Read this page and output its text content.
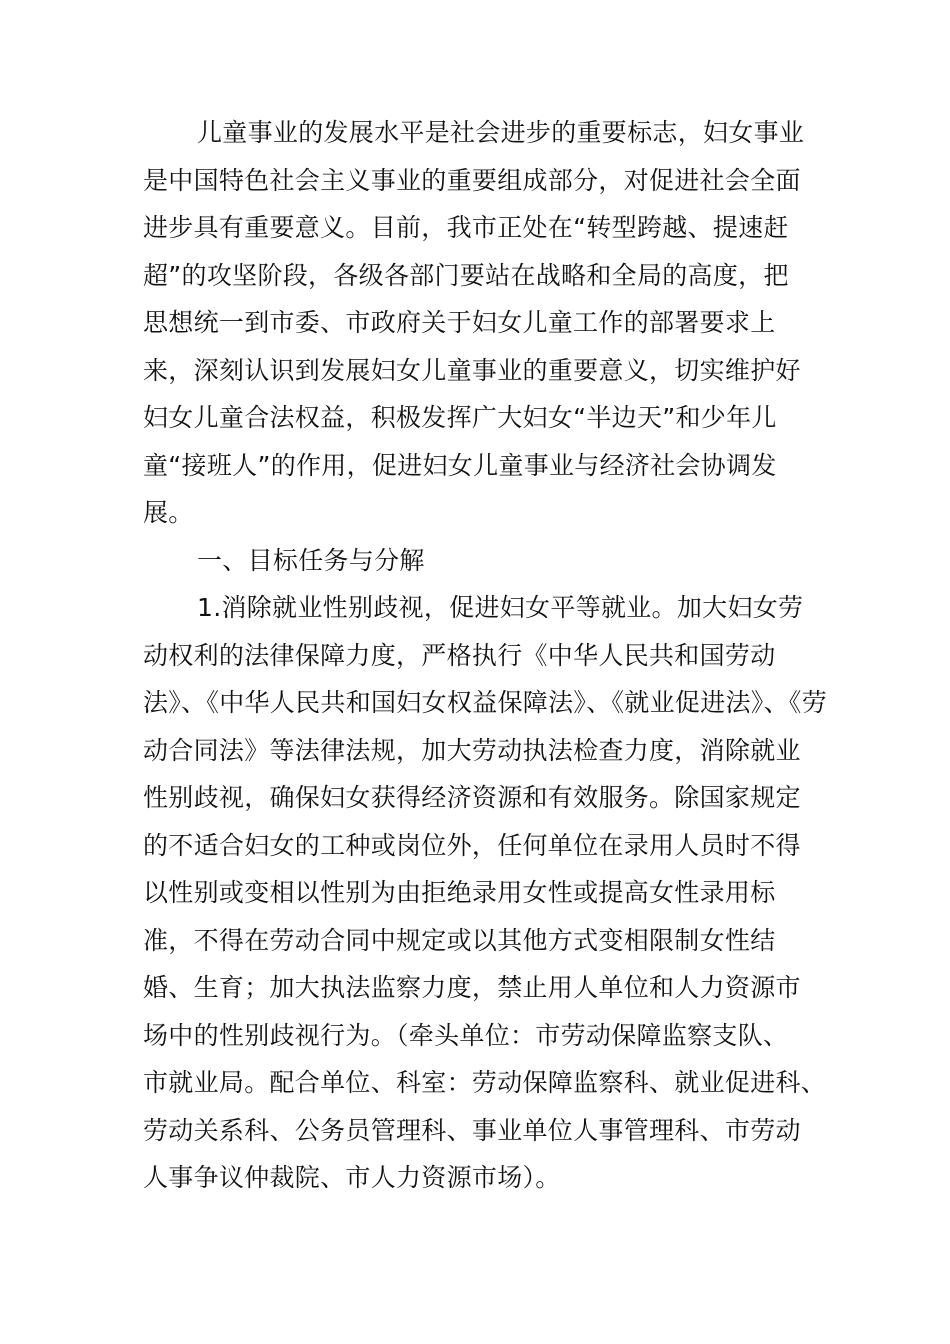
儿童事业的发展水平是社会进步的重要标志，妇女事业
是中国特色社会主义事业的重要组成部分，对促进社会全面
进步具有重要意义。目前，我市正处在“转型跨越、提速赶
超”的攻坚阶段，各级各部门要站在战略和全局的高度，把
思想统一到市委、市政府关于妇女儿童工作的部署要求上
来，深刻认识到发展妇女儿童事业的重要意义，切实维护好
妇女儿童合法权益，积极发挥广大妇女“半边天”和少年儿
童“接班人”的作用，促进妇女儿童事业与经济社会协调发
展。
一、目标任务与分解
1.消除就业性别歧视，促进妇女平等就业。加大妇女劳
动权利的法律保障力度，严格执行《中华人民共和国劳动
法》、《中华人民共和国妇女权益保障法》、《就业促进法》、《劳
动合同法》等法律法规，加大劳动执法检查力度，消除就业
性别歧视，确保妇女获得经济资源和有效服务。除国家规定
的不适合妇女的工种或岗位外，任何单位在录用人员时不得
以性别或变相以性别为由拒绝录用女性或提高女性录用标
准，不得在劳动合同中规定或以其他方式变相限制女性结
婚、生育；加大执法监察力度，禁止用人单位和人力资源市
场中的性别歧视行为。（牵头单位：市劳动保障监察支队、
市就业局。配合单位、科室：劳动保障监察科、就业促进科、
劳动关系科、公务员管理科、事业单位人事管理科、市劳动
人事争议仲裁院、市人力资源市场）。
